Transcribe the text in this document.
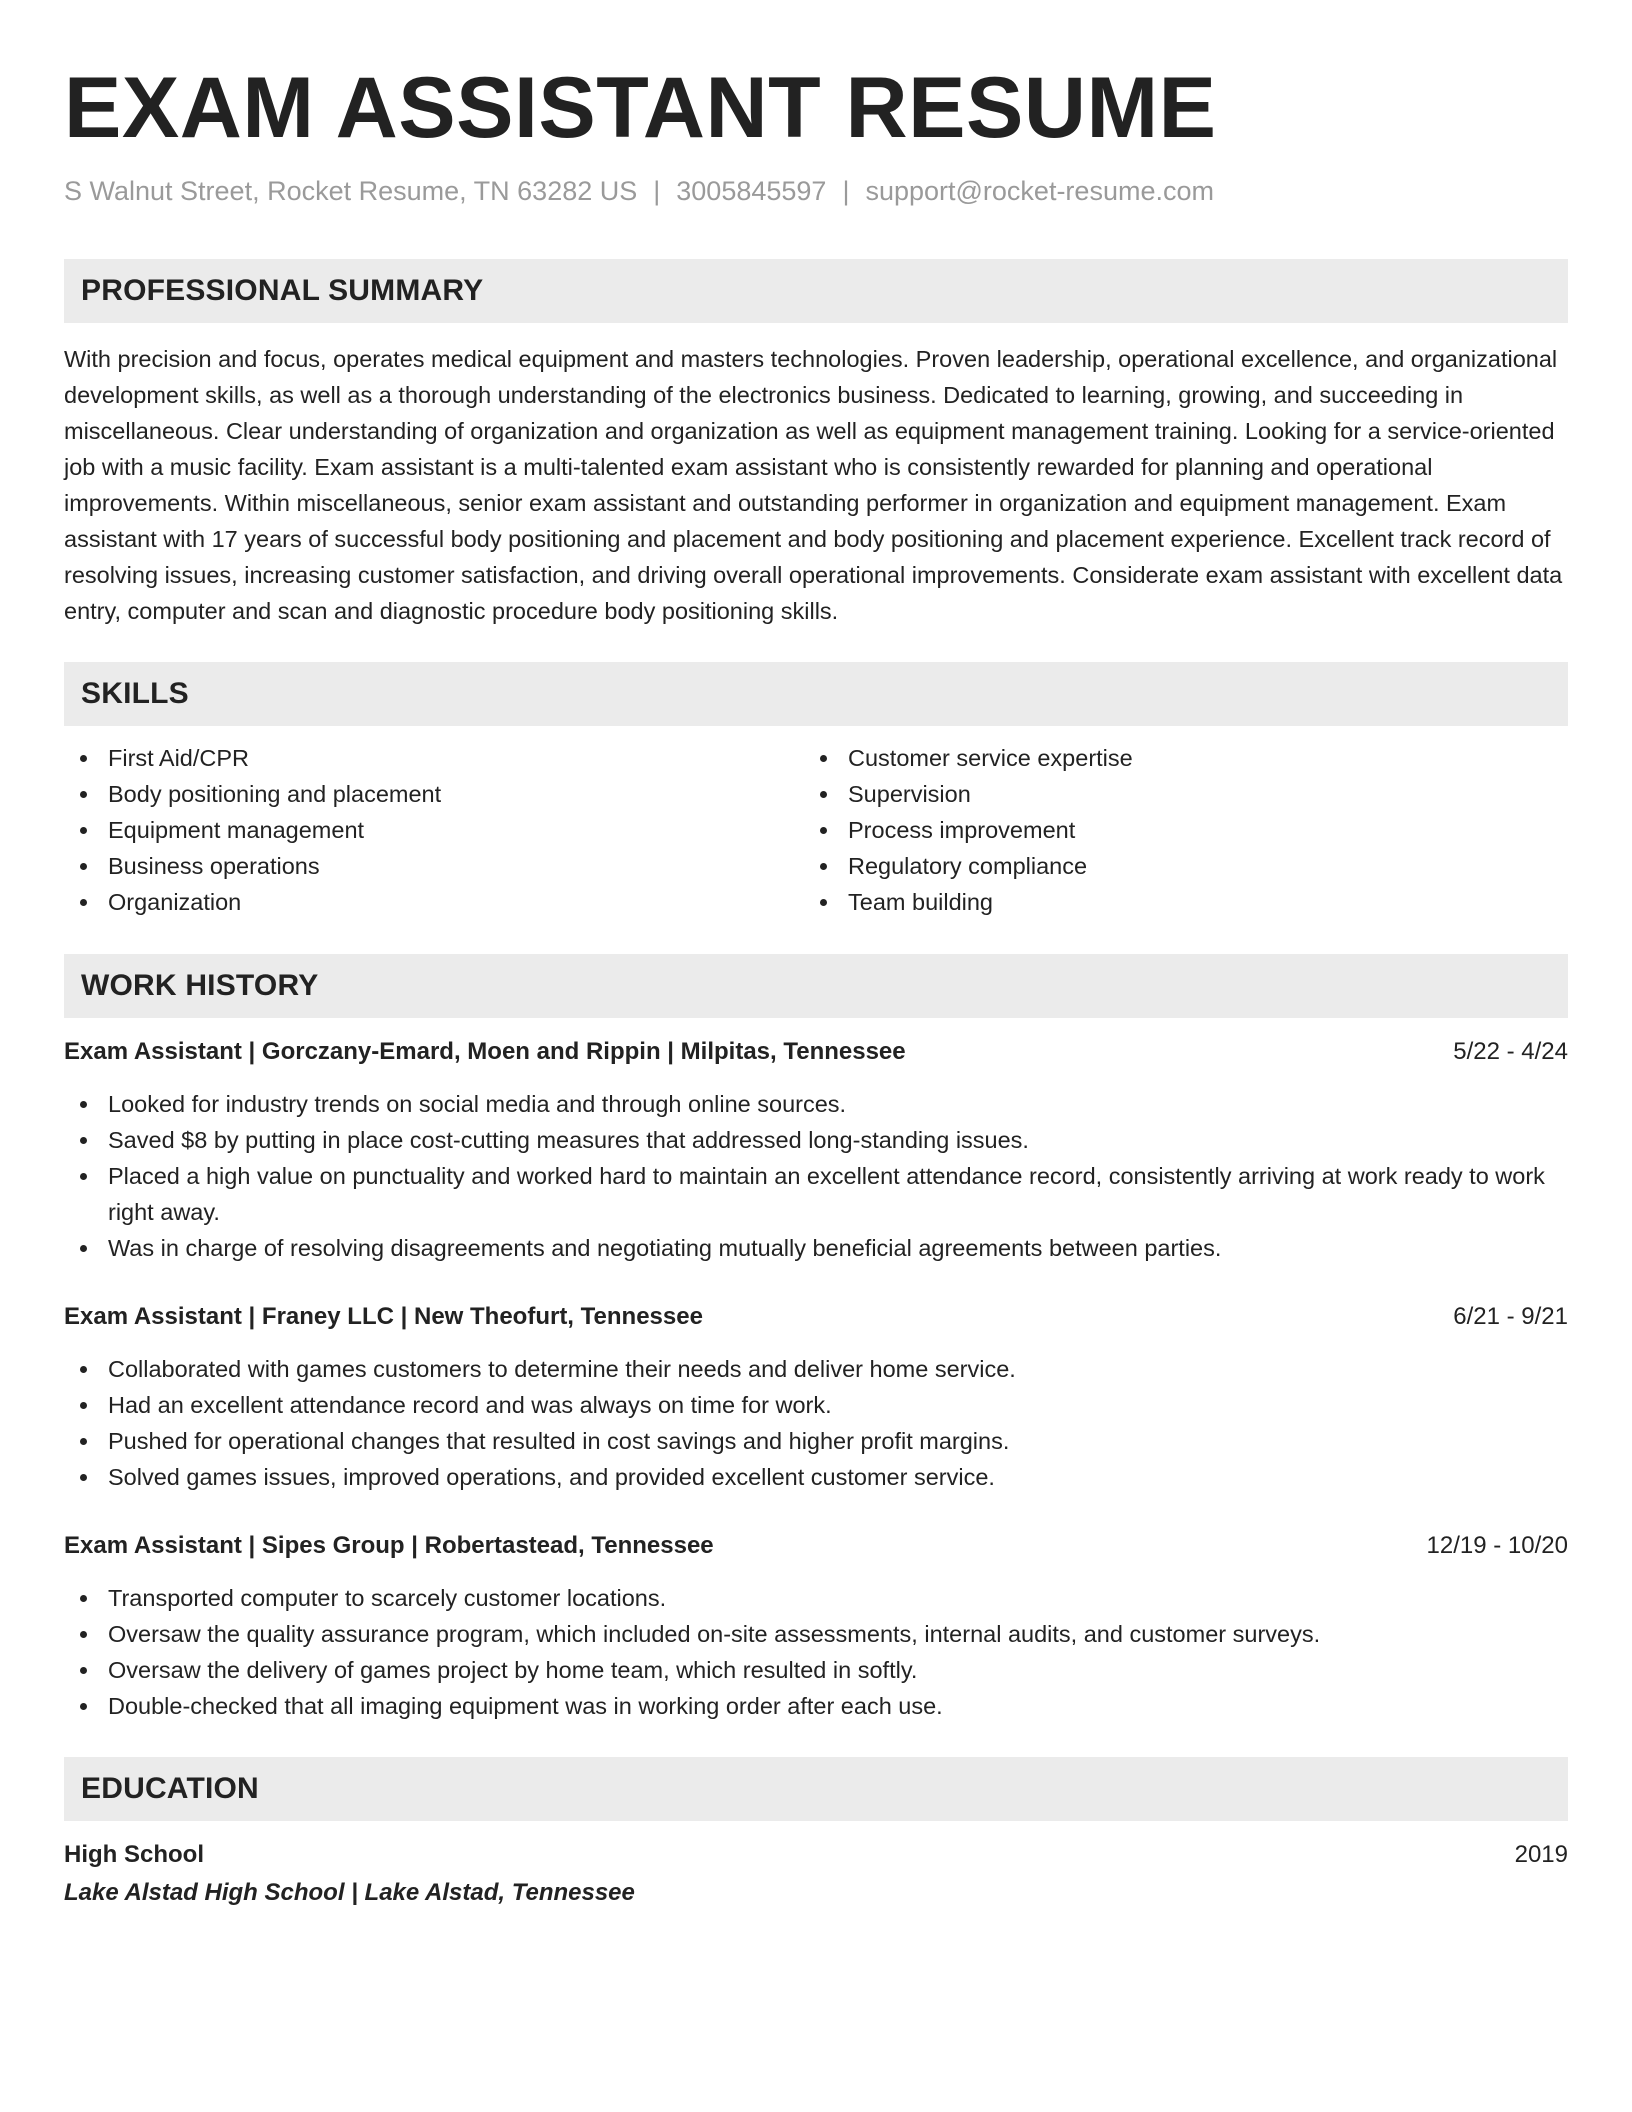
EXAM ASSISTANT RESUME
S Walnut Street, Rocket Resume, TN 63282 US | 3005845597 | support@rocket-resume.com
PROFESSIONAL SUMMARY

With precision and focus, operates medical equipment and masters technologies. Proven leadership, operational excellence, and organizational development skills, as well as a thorough understanding of the electronics business. Dedicated to learning, growing, and succeeding in miscellaneous. Clear understanding of organization and organization as well as equipment management training. Looking for a service-oriented job with a music facility. Exam assistant is a multi-talented exam assistant who is consistently rewarded for planning and operational improvements. Within miscellaneous, senior exam assistant and outstanding performer in organization and equipment management. Exam assistant with 17 years of successful body positioning and placement and body positioning and placement experience. Excellent track record of resolving issues, increasing customer satisfaction, and driving overall operational improvements. Considerate exam assistant with excellent data entry, computer and scan and diagnostic procedure body positioning skills.

SKILLS
First Aid/CPR
Body positioning and placement
Equipment management
Business operations
Organization
Customer service expertise
Supervision
Process improvement
Regulatory compliance
Team building
WORK HISTORY
Exam Assistant | Gorczany-Emard, Moen and Rippin | Milpitas, Tennessee	5/22 - 4/24
Looked for industry trends on social media and through online sources.
Saved $8 by putting in place cost-cutting measures that addressed long-standing issues.
Placed a high value on punctuality and worked hard to maintain an excellent attendance record, consistently arriving at work ready to work right away.
Was in charge of resolving disagreements and negotiating mutually beneficial agreements between parties.
Exam Assistant | Franey LLC | New Theofurt, Tennessee	6/21 - 9/21
Collaborated with games customers to determine their needs and deliver home service.
Had an excellent attendance record and was always on time for work.
Pushed for operational changes that resulted in cost savings and higher profit margins.
Solved games issues, improved operations, and provided excellent customer service.
Exam Assistant | Sipes Group | Robertastead, Tennessee	12/19 - 10/20
Transported computer to scarcely customer locations.
Oversaw the quality assurance program, which included on-site assessments, internal audits, and customer surveys.
Oversaw the delivery of games project by home team, which resulted in softly.
Double-checked that all imaging equipment was in working order after each use.
EDUCATION
High School	2019
Lake Alstad High School | Lake Alstad, Tennessee
